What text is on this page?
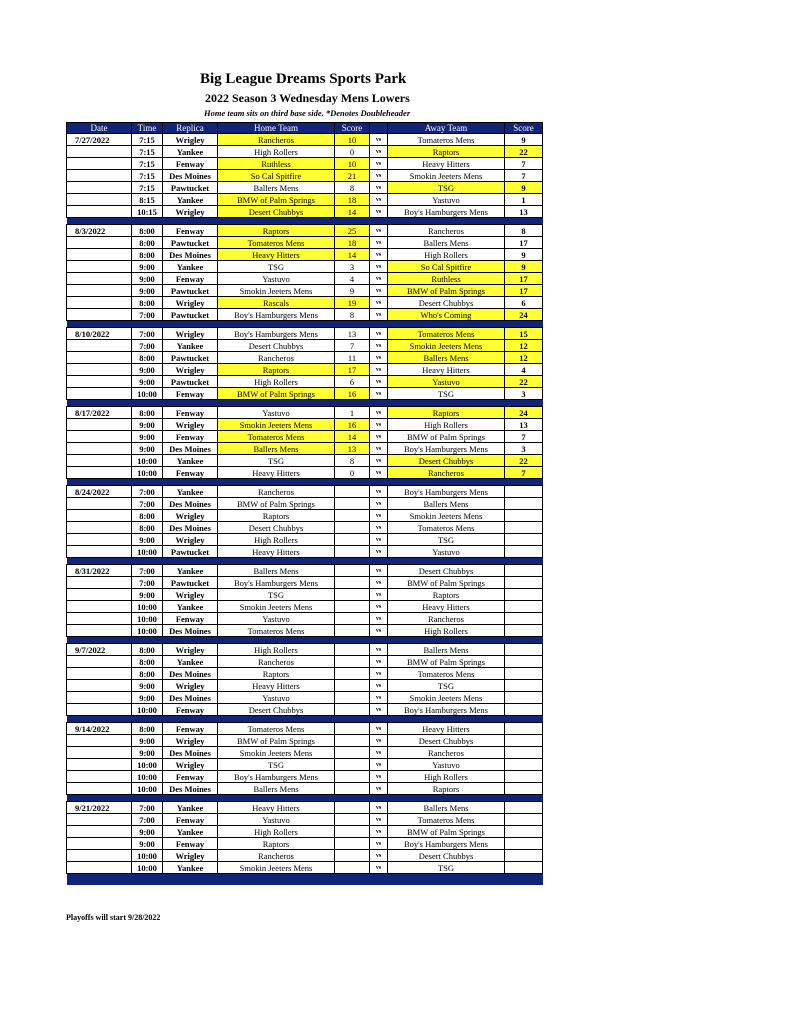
Big League Dreams Sports Park
2022 Season 3 Wednesday Mens Lowers
Home team sits on third base side. *Denotes Doubleheader
Date	Time	Replica	Home Team	Score		Away Team	Score
7/27/2022	7:15	Wrigley	Rancheros	10	vs	Tomateros Mens	9
	7:15	Yankee	High Rollers	0	vs	Raptors	22
	7:15	Fenway	Ruthless	10	vs	Heavy Hitters	7
	7:15	Des Moines	So Cal Spitfire	21	vs	Smokin Jeeters Mens	7
	7:15	Pawtucket	Ballers Mens	8	vs	TSG	9
	8:15	Yankee	BMW of Palm Springs	18	vs	Yastuvo	1
	10:15	Wrigley	Desert Chubbys	14	vs	Boy's Hamburgers Mens	13

8/3/2022	8:00	Fenway	Raptors	25	vs	Rancheros	8
	8:00	Pawtucket	Tomateros Mens	18	vs	Ballers Mens	17
	8:00	Des Moines	Heavy Hitters	14	vs	High Rollers	9
	9:00	Yankee	TSG	3	vs	So Cal Spitfire	9
	9:00	Fenway	Yastuvo	4	vs	Ruthless	17
	9:00	Pawtucket	Smokin Jeeters Mens	9	vs	BMW of Palm Springs	17
	8:00	Wrigley	Rascals	19	vs	Desert Chubbys	6
	7:00	Pawtucket	Boy's Hamburgers Mens	8	vs	Who's Coming	24

8/10/2022	7:00	Wrigley	Boy's Hamburgers Mens	13	vs	Tomateros Mens	15
	7:00	Yankee	Desert Chubbys	7	vs	Smokin Jeeters Mens	12
	8:00	Pawtucket	Rancheros	11	vs	Ballers Mens	12
	9:00	Wrigley	Raptors	17	vs	Heavy Hitters	4
	9:00	Pawtucket	High Rollers	6	vs	Yastuvo	22
	10:00	Fenway	BMW of Palm Springs	16	vs	TSG	3

8/17/2022	8:00	Fenway	Yastuvo	1	vs	Raptors	24
	9:00	Wrigley	Smokin Jeeters Mens	16	vs	High Rollers	13
	9:00	Fenway	Tomateros Mens	14	vs	BMW of Palm Springs	7
	9:00	Des Moines	Ballers Mens	13	vs	Boy's Hamburgers Mens	3
	10:00	Yankee	TSG	8	vs	Desert Chubbys	22
	10:00	Fenway	Heavy Hitters	0	vs	Rancheros	7

8/24/2022	7:00	Yankee	Rancheros		vs	Boy's Hamburgers Mens	
	7:00	Des Moines	BMW of Palm Springs		vs	Ballers Mens	
	8:00	Wrigley	Raptors		vs	Smokin Jeeters Mens	
	8:00	Des Moines	Desert Chubbys		vs	Tomateros Mens	
	9:00	Wrigley	High Rollers		vs	TSG	
	10:00	Pawtucket	Heavy Hitters		vs	Yastuvo	

8/31/2022	7:00	Yankee	Ballers Mens		vs	Desert Chubbys	
	7:00	Pawtucket	Boy's Hamburgers Mens		vs	BMW of Palm Springs	
	9:00	Wrigley	TSG		vs	Raptors	
	10:00	Yankee	Smokin Jeeters Mens		vs	Heavy Hitters	
	10:00	Fenway	Yastuvo		vs	Rancheros	
	10:00	Des Moines	Tomateros Mens		vs	High Rollers	

9/7/2022	8:00	Wrigley	High Rollers		vs	Ballers Mens	
	8:00	Yankee	Rancheros		vs	BMW of Palm Springs	
	8:00	Des Moines	Raptors		vs	Tomateros Mens	
	9:00	Wrigley	Heavy Hitters		vs	TSG	
	9:00	Des Moines	Yastuvo		vs	Smokin Jeeters Mens	
	10:00	Fenway	Desert Chubbys		vs	Boy's Hamburgers Mens	

9/14/2022	8:00	Fenway	Tomateros Mens		vs	Heavy Hitters	
	9:00	Wrigley	BMW of Palm Springs		vs	Desert Chubbys	
	9:00	Des Moines	Smokin Jeeters Mens		vs	Rancheros	
	10:00	Wrigley	TSG		vs	Yastuvo	
	10:00	Fenway	Boy's Hamburgers Mens		vs	High Rollers	
	10:00	Des Moines	Ballers Mens		vs	Raptors	

9/21/2022	7:00	Yankee	Heavy Hitters		vs	Ballers Mens	
	7:00	Fenway	Yastuvo		vs	Tomateros Mens	
	9:00	Yankee	High Rollers		vs	BMW of Palm Springs	
	9:00	Fenway	Raptors		vs	Boy's Hamburgers Mens	
	10:00	Wrigley	Rancheros		vs	Desert Chubbys	
	10:00	Yankee	Smokin Jeeters Mens		vs	TSG	

Playoffs will start 9/28/2022
